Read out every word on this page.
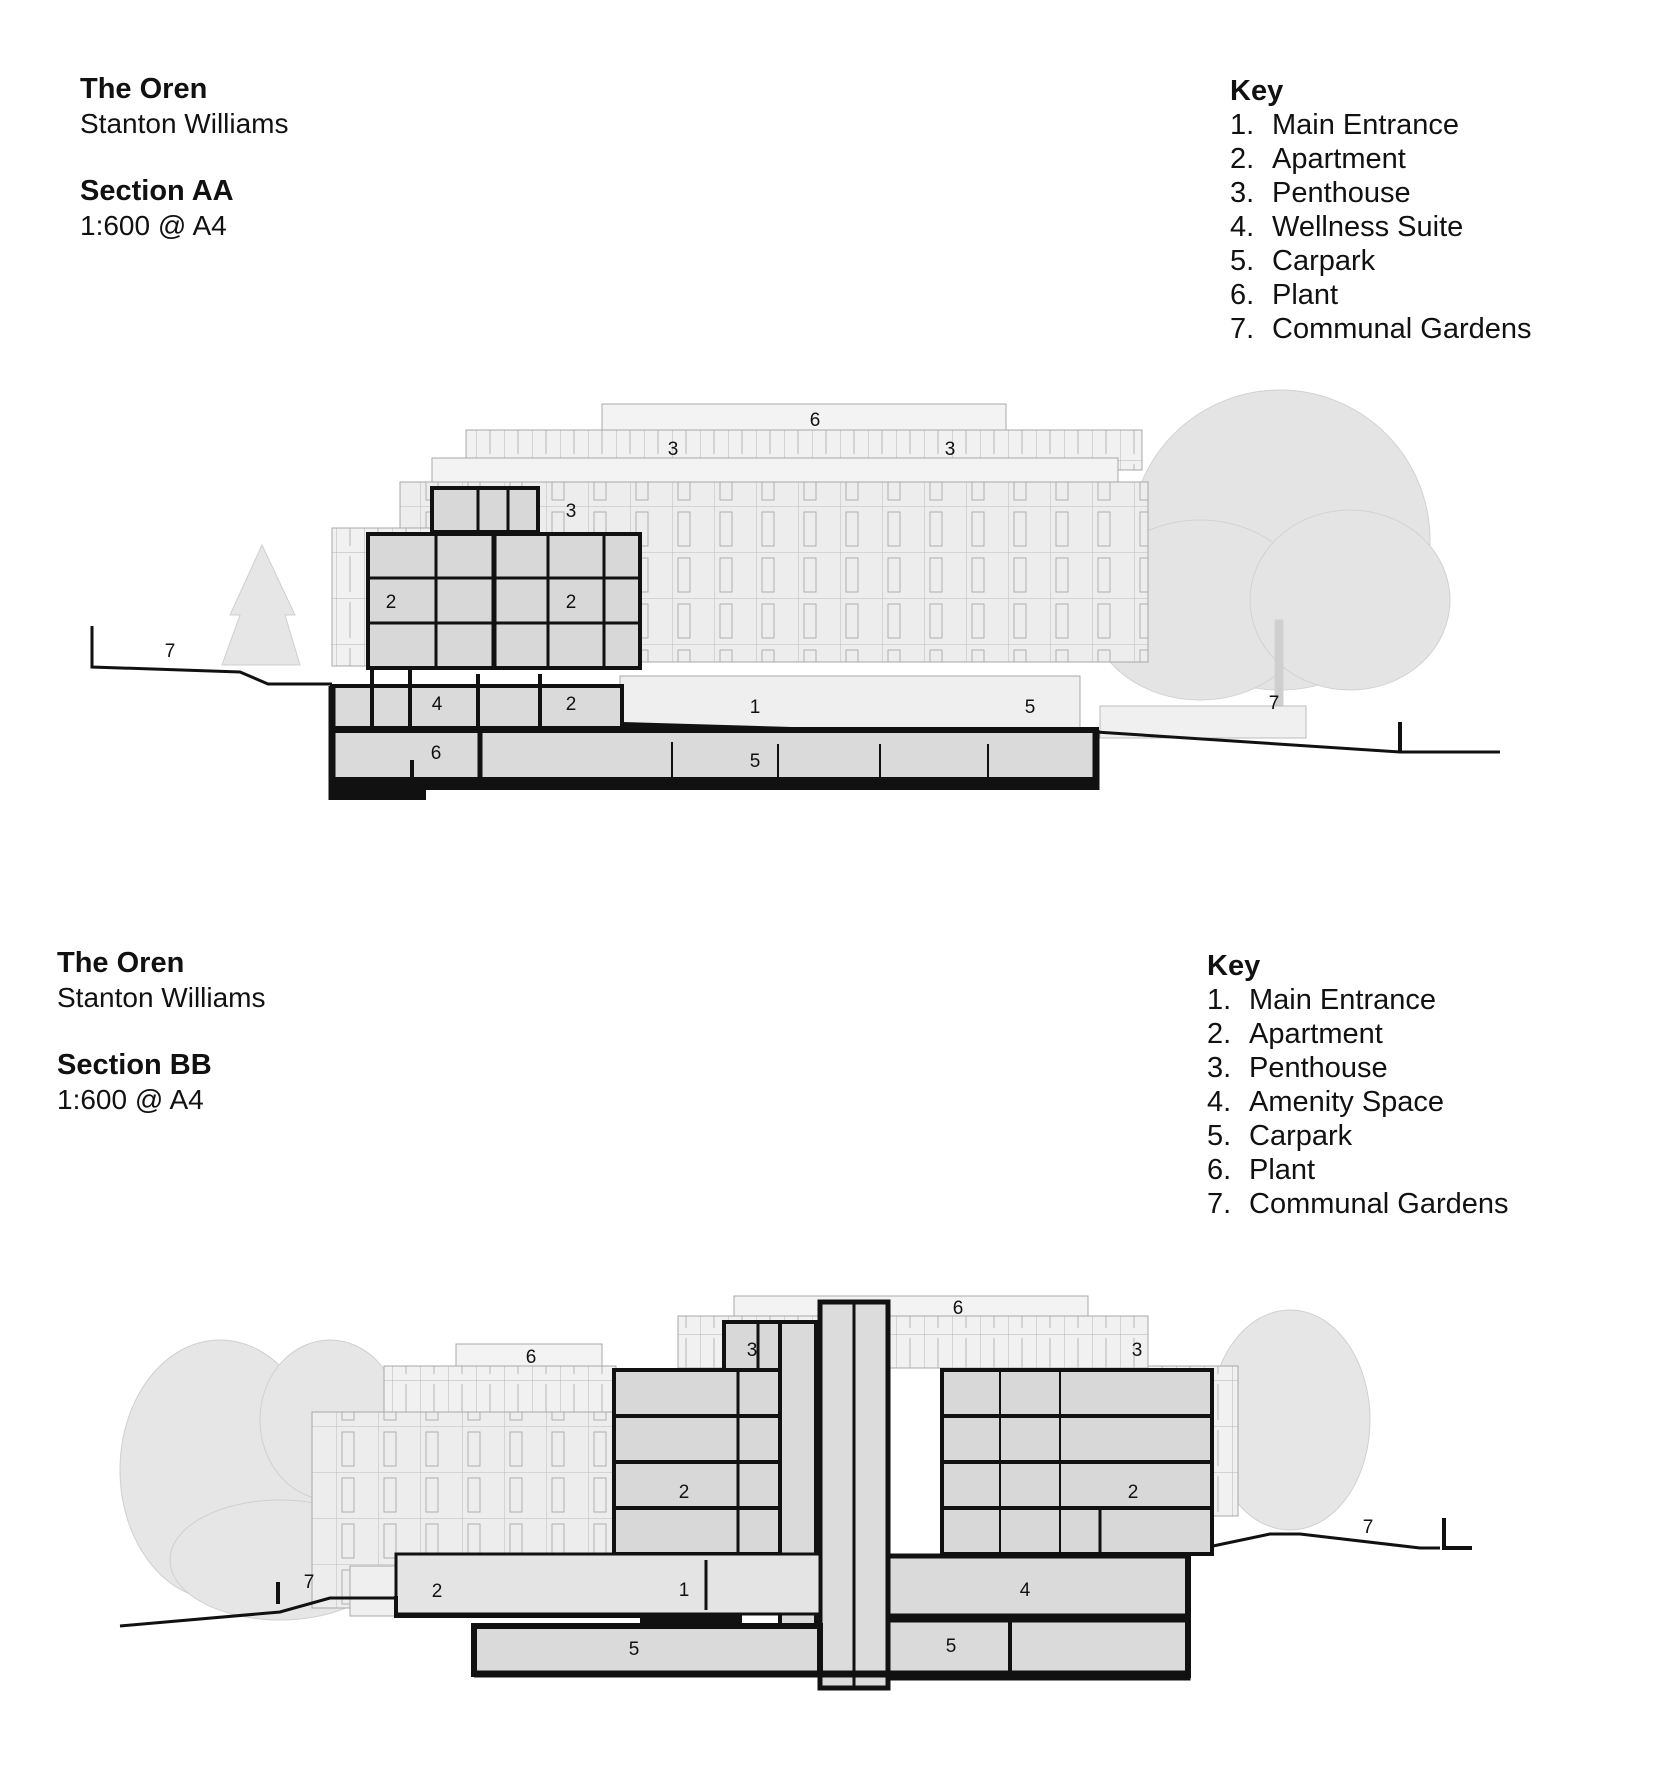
The Oren
Stanton Williams
Section AA
1:600 @ A4
Key
1. Main Entrance
2. Apartment
3. Penthouse
4. Wellness Suite
5. Carpark
6. Plant
7. Communal Gardens
The Oren
Stanton Williams
Section BB
1:600 @ A4
Key
1. Main Entrance
2. Apartment
3. Penthouse
4. Amenity Space
5. Carpark
6. Plant
7. Communal Gardens
6
3	3
3
2	2
2
4	1	5
5
6
7
7
6
6	3	3
2	2
2	1	4
5	5
7
7
